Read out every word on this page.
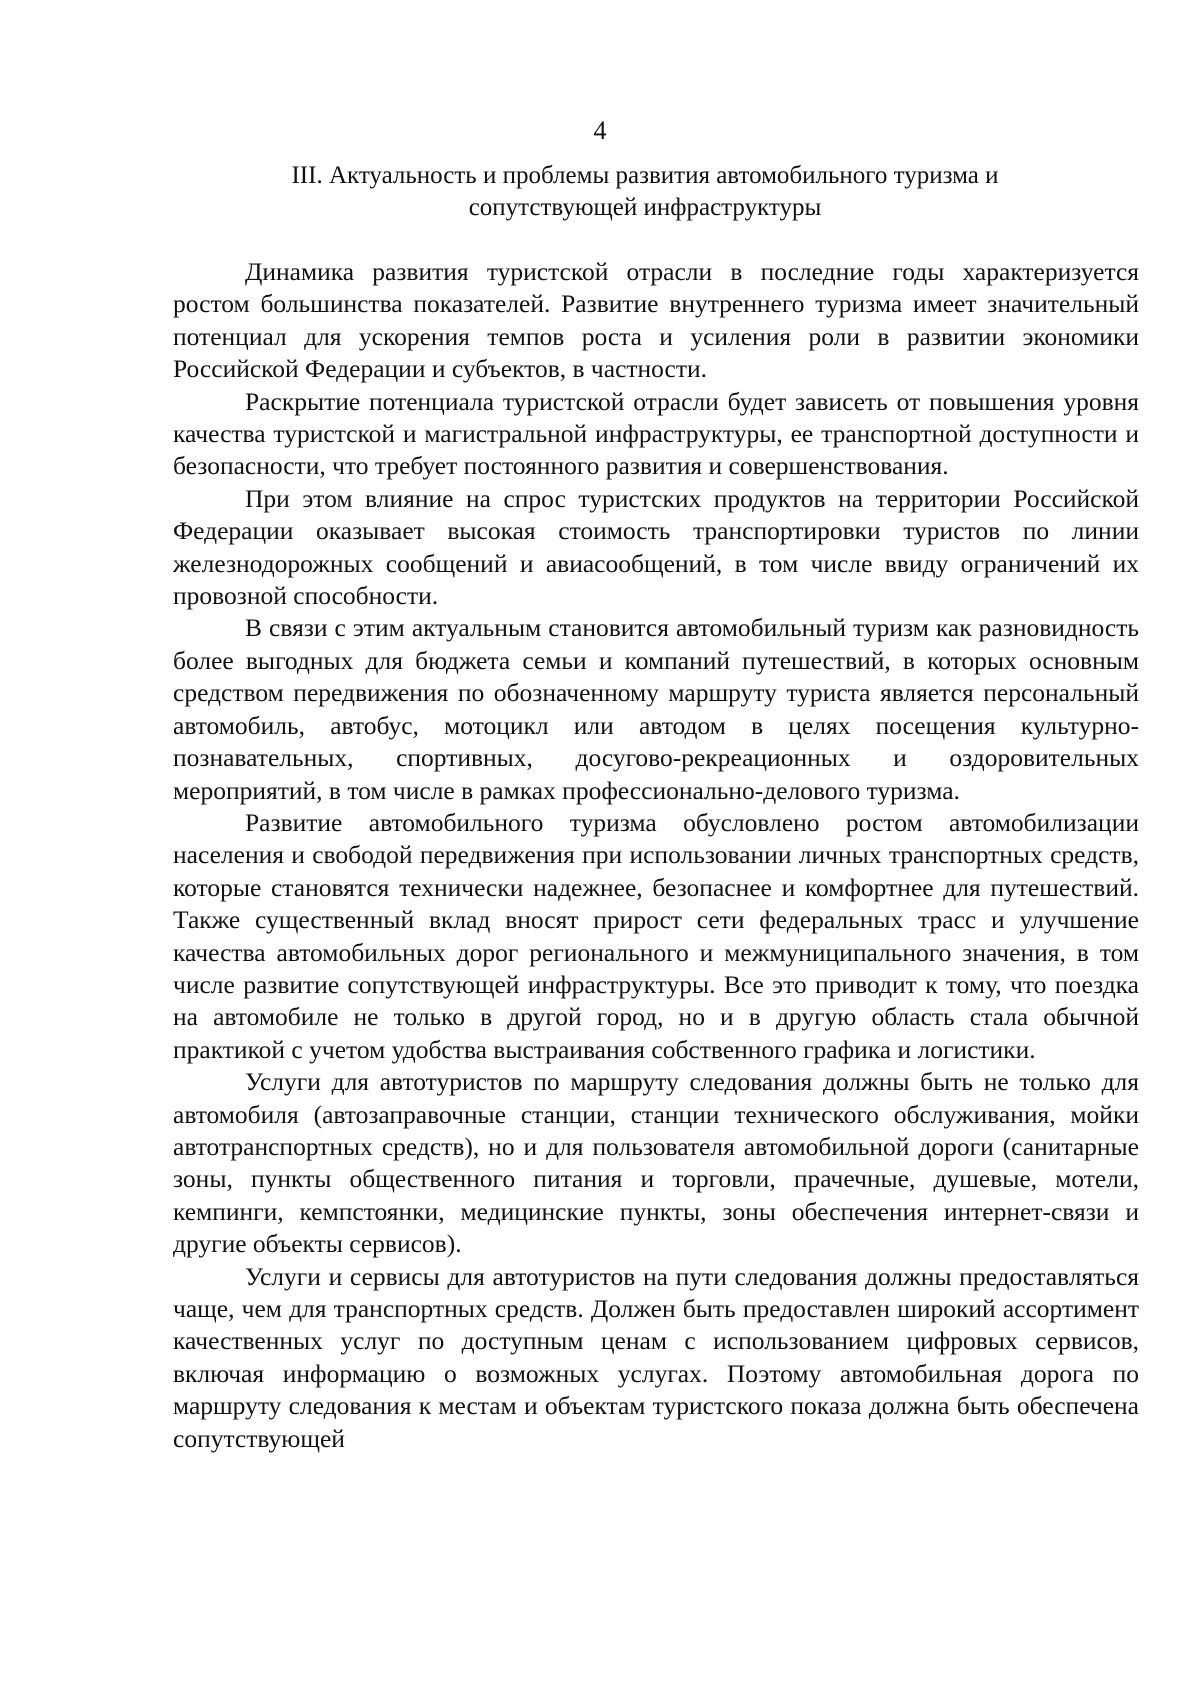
4
III. Актуальность и проблемы развития автомобильного туризма и
сопутствующей инфраструктуры

Динамика развития туристской отрасли в последние годы характеризуется ростом большинства показателей. Развитие внутреннего туризма имеет значительный потенциал для ускорения темпов роста и усиления роли в развитии экономики Российской Федерации и субъектов, в частности.

Раскрытие потенциала туристской отрасли будет зависеть от повышения уровня качества туристской и магистральной инфраструктуры, ее транспортной доступности и безопасности, что требует постоянного развития и совершенствования.

При этом влияние на спрос туристских продуктов на территории Российской Федерации оказывает высокая стоимость транспортировки туристов по линии железнодорожных сообщений и авиасообщений, в том числе ввиду ограничений их провозной способности.

В связи с этим актуальным становится автомобильный туризм как разновидность более выгодных для бюджета семьи и компаний путешествий, в которых основным средством передвижения по обозначенному маршруту туриста является персональный автомобиль, автобус, мотоцикл или автодом в целях посещения культурно-познавательных, спортивных, досугово-рекреационных и оздоровительных мероприятий, в том числе в рамках профессионально-делового туризма.

Развитие автомобильного туризма обусловлено ростом автомобилизации населения и свободой передвижения при использовании личных транспортных средств, которые становятся технически надежнее, безопаснее и комфортнее для путешествий. Также существенный вклад вносят прирост сети федеральных трасс и улучшение качества автомобильных дорог регионального и межмуниципального значения, в том числе развитие сопутствующей инфраструктуры. Все это приводит к тому, что поездка на автомобиле не только в другой город, но и в другую область стала обычной практикой с учетом удобства выстраивания собственного графика и логистики.

Услуги для автотуристов по маршруту следования должны быть не только для автомобиля (автозаправочные станции, станции технического обслуживания, мойки автотранспортных средств), но и для пользователя автомобильной дороги (санитарные зоны, пункты общественного питания и торговли, прачечные, душевые, мотели, кемпинги, кемпстоянки, медицинские пункты, зоны обеспечения интернет-связи и другие объекты сервисов).

Услуги и сервисы для автотуристов на пути следования должны предоставляться чаще, чем для транспортных средств. Должен быть предоставлен широкий ассортимент качественных услуг по доступным ценам с использованием цифровых сервисов, включая информацию о возможных услугах. Поэтому автомобильная дорога по маршруту следования к местам и объектам туристского показа должна быть обеспечена сопутствующей
